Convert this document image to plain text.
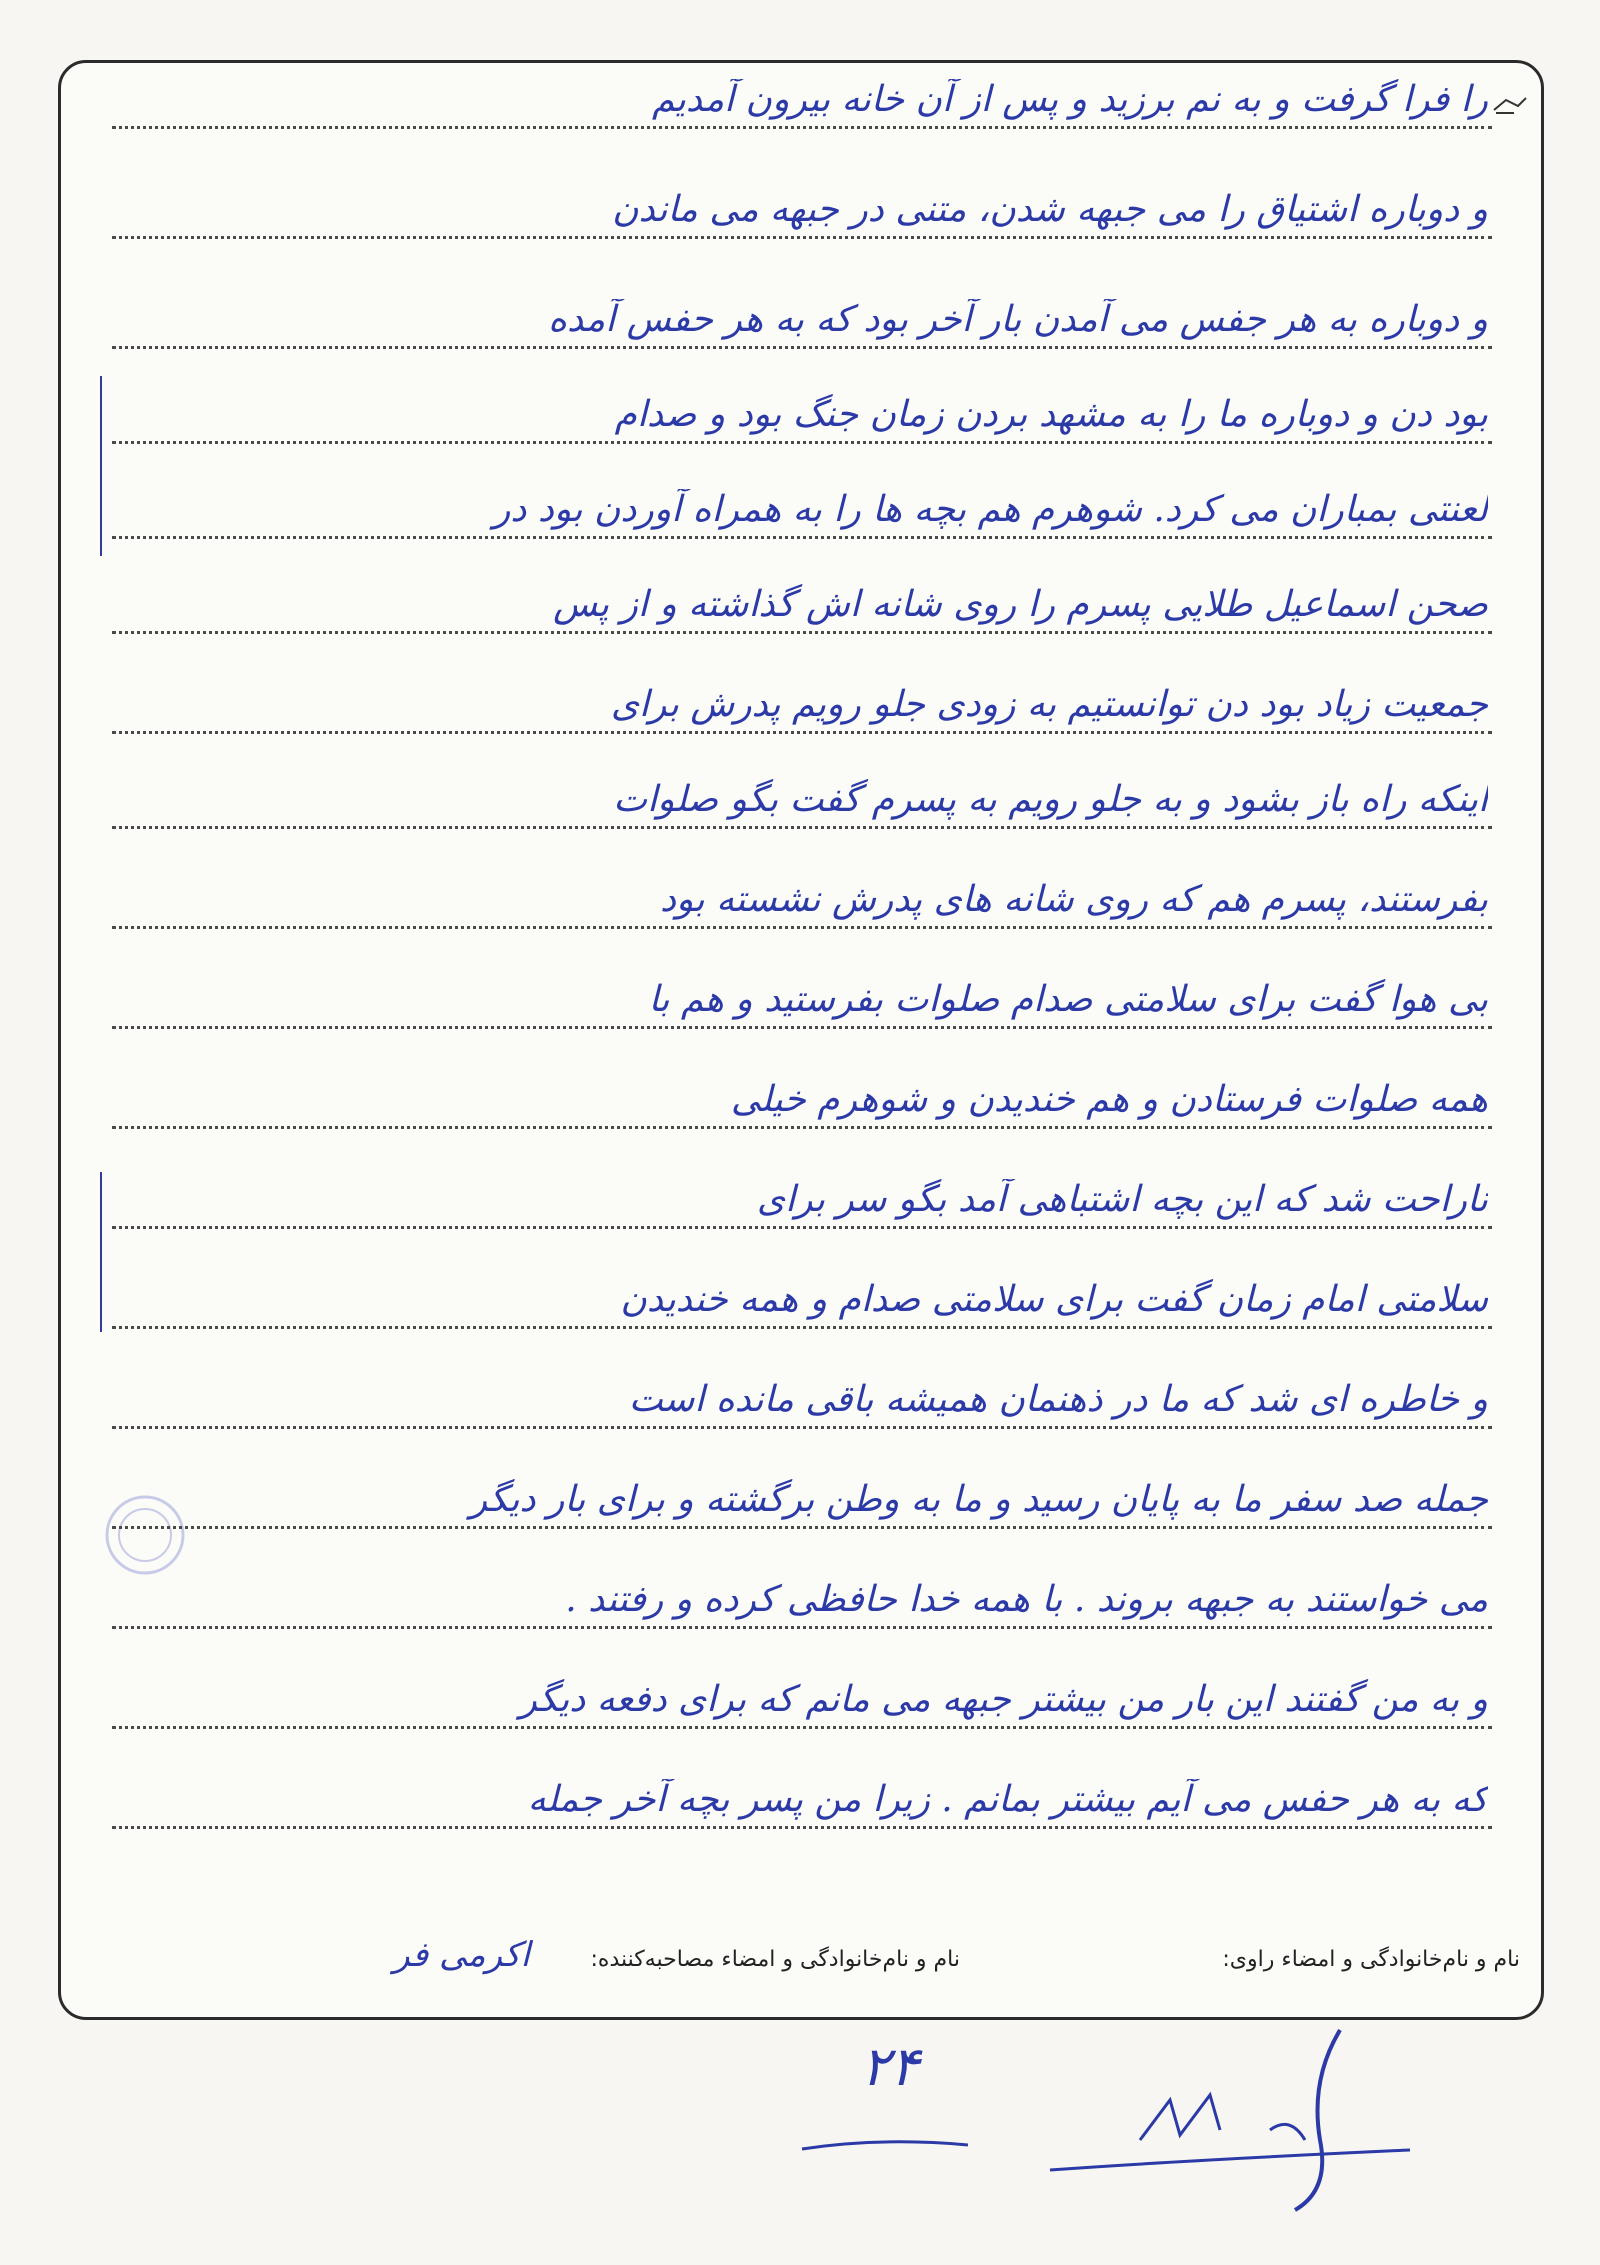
را فرا گرفت و به نم برزید و پس از آن خانه بیرون آمدیم
و دوباره اشتیاق را می جبهه شدن، متنی در جبهه می ماندن
و دوباره به هر جفس می آمدن بار آخر بود که به هر حفس آمده
بود دن و دوباره ما را به مشهد بردن زمان جنگ بود و صدام
لعنتی بمباران می کرد. شوهرم هم بچه ها را به همراه آوردن بود در
صحن اسماعیل طلایی پسرم را روی شانه اش گذاشته و از پس
جمعیت زیاد بود دن توانستیم به زودی جلو رویم پدرش برای
اینکه راه باز بشود و به جلو رویم به پسرم گفت بگو صلوات
بفرستند، پسرم هم که روی شانه های پدرش نشسته بود
بی هوا گفت برای سلامتی صدام صلوات بفرستید و هم با
همه صلوات فرستادن و هم خندیدن و شوهرم خیلی
ناراحت شد که این بچه اشتباهی آمد بگو سر برای
سلامتی امام زمان گفت برای سلامتی صدام و همه خندیدن
و خاطره ای شد که ما در ذهنمان همیشه باقی مانده است
جمله صد سفر ما به پایان رسید و ما به وطن برگشته و برای بار دیگر
می خواستند به جبهه بروند . با همه خدا حافظی کرده و رفتند .
و به من گفتند این بار من بیشتر جبهه می مانم که برای دفعه دیگر
که به هر حفس می آیم بیشتر بمانم . زیرا من پسر بچه آخر جمله
نام و نام‌خانوادگی و امضاء راوی:
نام و نام‌خانوادگی و امضاء مصاحبه‌کننده:
اکرمی فر
۲۴
